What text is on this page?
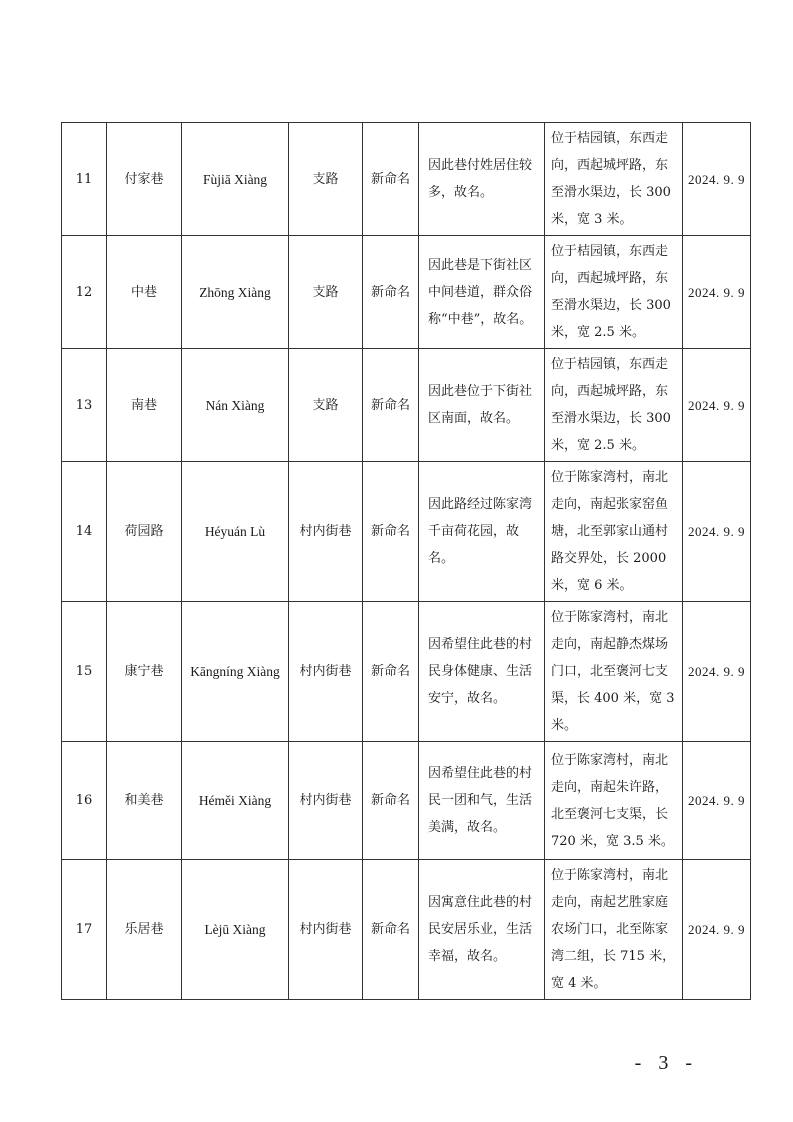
11	付家巷	Fùjiā Xiàng	支路	新命名	因此巷付姓居住较多，故名。	位于桔园镇，东西走向，西起城坪路，东至滑水渠边，长 300 米，宽 3 米。	2024. 9. 9
12	中巷	Zhōng Xiàng	支路	新命名	因此巷是下街社区中间巷道，群众俗称“中巷”，故名。	位于桔园镇，东西走向，西起城坪路，东至滑水渠边，长 300 米，宽 2.5 米。	2024. 9. 9
13	南巷	Nán Xiàng	支路	新命名	因此巷位于下街社区南面，故名。	位于桔园镇，东西走向，西起城坪路，东至滑水渠边，长 300 米，宽 2.5 米。	2024. 9. 9
14	荷园路	Héyuán Lù	村内街巷	新命名	因此路经过陈家湾千亩荷花园，故名。	位于陈家湾村，南北走向，南起张家窑鱼塘，北至郭家山通村路交界处，长 2000 米，宽 6 米。	2024. 9. 9
15	康宁巷	Kāngníng Xiàng	村内街巷	新命名	因希望住此巷的村民身体健康、生活安宁，故名。	位于陈家湾村，南北走向，南起静杰煤场门口，北至褒河七支渠，长 400 米，宽 3 米。	2024. 9. 9
16	和美巷	Héměi Xiàng	村内街巷	新命名	因希望住此巷的村民一团和气，生活美满，故名。	位于陈家湾村，南北走向，南起朱许路，北至褒河七支渠，长 720 米，宽 3.5 米。	2024. 9. 9
17	乐居巷	Lèjū Xiàng	村内街巷	新命名	因寓意住此巷的村民安居乐业，生活幸福，故名。	位于陈家湾村，南北走向，南起艺胜家庭农场门口，北至陈家湾二组，长 715 米，宽 4 米。	2024. 9. 9
- 3 -
